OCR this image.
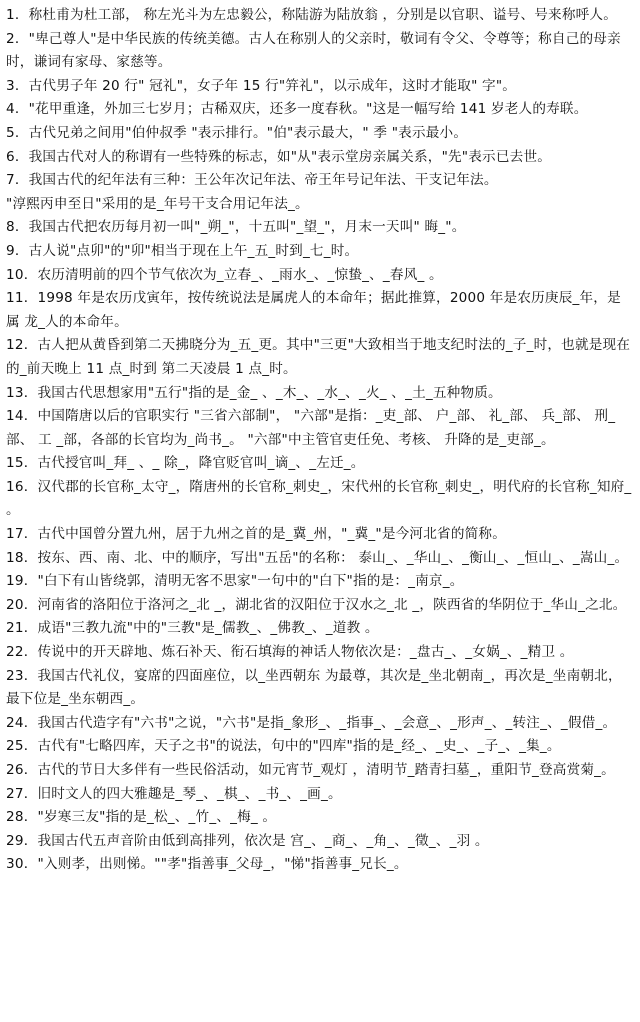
1．称杜甫为杜工部， 称左光斗为左忠毅公，称陆游为陆放翁 ，分别是以官职、谥号、号来称呼人。

2．"卑己尊人"是中华民族的传统美德。古人在称别人的父亲时，敬词有令父、令尊等；称自己的母亲时，谦词有家母、家慈等。

3．古代男子年 20 行" 冠礼"，女子年 15 行"笄礼"，以示成年，这时才能取" 字"。

4．"花甲重逢，外加三七岁月；古稀双庆，还多一度春秋。"这是一幅写给 141 岁老人的寿联。

5．古代兄弟之间用"伯仲叔季 "表示排行。"伯"表示最大，" 季 "表示最小。

6．我国古代对人的称谓有一些特殊的标志，如"从"表示堂房亲属关系，"先"表示已去世。

7．我国古代的纪年法有三种：王公年次记年法、帝王年号记年法、干支记年法。

"淳熙丙申至日"采用的是_年号干支合用记年法_。

8．我国古代把农历每月初一叫"_朔_"，十五叫"_望_"，月末一天叫" 晦_"。

9．古人说"点卯"的"卯"相当于现在上午_五_时到_七_时。

10．农历清明前的四个节气依次为_立春_、_雨水_、_惊蛰_、_春风_ 。

11．1998 年是农历戊寅年，按传统说法是属虎人的本命年；据此推算，2000 年是农历庚辰_年，是属 龙_人的本命年。

12．古人把从黄昏到第二天拂晓分为_五_更。其中"三更"大致相当于地支纪时法的_子_时，也就是现在的_前天晚上 11 点_时到 第二天凌晨 1 点_时。

13．我国古代思想家用"五行"指的是_金_ 、_木_、_水_、_火_ 、_土_五种物质。

14．中国隋唐以后的官职实行 "三省六部制"， "六部"是指：_吏_部、 户_部、 礼_部、 兵_部、 刑_部、 工 _部，各部的长官均为_尚书_。 "六部"中主管官吏任免、考核、 升降的是_吏部_。

15．古代授官叫_拜_ 、_ 除_，降官贬官叫_谪_、_左迁_。

16．汉代郡的长官称_太守_，隋唐州的长官称_刺史_，宋代州的长官称_刺史_，明代府的长官称_知府_ 。

17．古代中国曾分置九州，居于九州之首的是_冀_州，"_冀_"是今河北省的简称。

18．按东、西、南、北、中的顺序，写出"五岳"的名称： 泰山_、_华山_、_衡山_、_恒山_、_嵩山_。

19．"白下有山皆绕郭，清明无客不思家"一句中的"白下"指的是：_南京_。

20．河南省的洛阳位于洛河之_北 _，湖北省的汉阳位于汉水之_北 _，陕西省的华阴位于_华山_之北。

21．成语"三教九流"中的"三教"是_儒教_、_佛教_、_道教 。

22．传说中的开天辟地、炼石补天、衔石填海的神话人物依次是：_盘古_、_女娲_、_精卫 。

23．我国古代礼仪，宴席的四面座位，以_坐西朝东 为最尊，其次是_坐北朝南_，再次是_坐南朝北，最下位是_坐东朝西_。

24．我国古代造字有"六书"之说，"六书"是指_象形_、_指事_、_会意_、_形声_、_转注_、_假借_。

25．古代有"七略四库，天子之书"的说法，句中的"四库"指的是_经_、_史_、_子_、_集_。

26．古代的节日大多伴有一些民俗活动，如元宵节_观灯 ，清明节_踏青扫墓_，重阳节_登高赏菊_。

27．旧时文人的四大雅趣是_琴_、_棋_、_书_、_画_。

28．"岁寒三友"指的是_松_、_竹_、_梅_ 。

29．我国古代五声音阶由低到高排列，依次是 宫_、_商_、_角_、_徵_、_羽 。

30．"入则孝，出则悌。""孝"指善事_父母_，"悌"指善事_兄长_。
